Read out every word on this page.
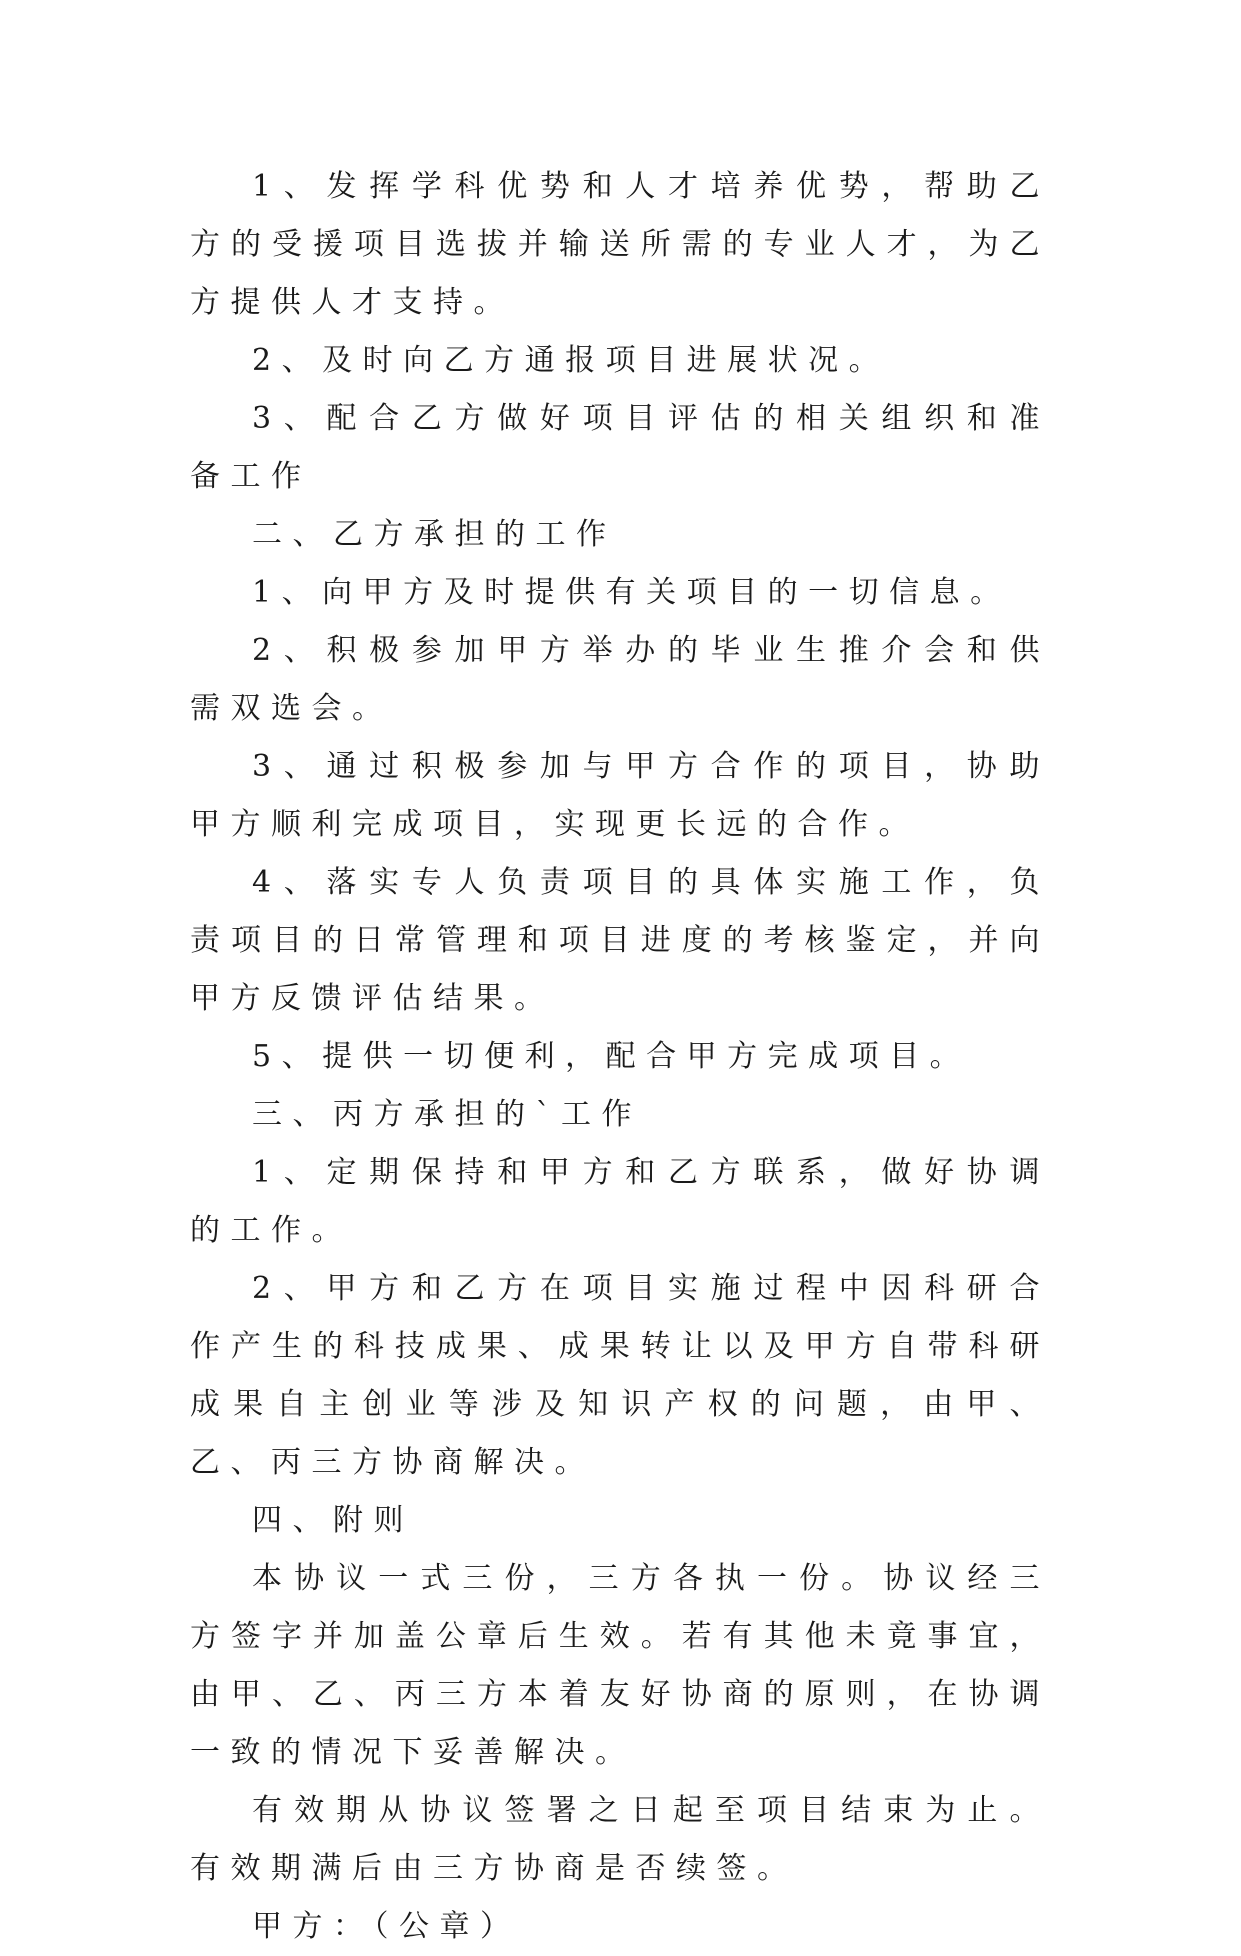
1、发挥学科优势和人才培养优势，帮助乙方的受援项目选拔并输送所需的专业人才，为乙方提供人才支持。

2、及时向乙方通报项目进展状况。

3、配合乙方做好项目评估的相关组织和准备工作

二、乙方承担的工作

1、向甲方及时提供有关项目的一切信息。

2、积极参加甲方举办的毕业生推介会和供需双选会。

3、通过积极参加与甲方合作的项目，协助甲方顺利完成项目，实现更长远的合作。

4、落实专人负责项目的具体实施工作，负责项目的日常管理和项目进度的考核鉴定，并向甲方反馈评估结果。

5、提供一切便利，配合甲方完成项目。

三、丙方承担的`工作

1、定期保持和甲方和乙方联系，做好协调的工作。

2、甲方和乙方在项目实施过程中因科研合作产生的科技成果、成果转让以及甲方自带科研成果自主创业等涉及知识产权的问题，由甲、乙、丙三方协商解决。

四、附则

本协议一式三份，三方各执一份。协议经三方签字并加盖公章后生效。若有其他未竟事宜，由甲、乙、丙三方本着友好协商的原则，在协调一致的情况下妥善解决。

有效期从协议签署之日起至项目结束为止。有效期满后由三方协商是否续签。

甲方：（公章）
